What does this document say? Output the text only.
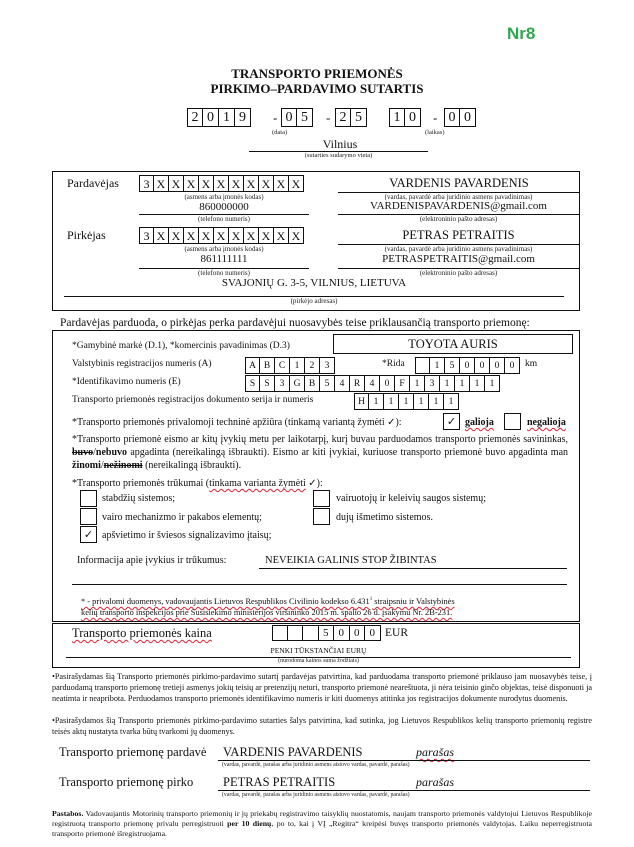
Nr8
TRANSPORTO PRIEMONĖS
PIRKIMO–PARDAVIMO SUTARTIS
2 0 1 9	- 0 5	- 2 5	1 0	- 0 0
(data)	(laikas)
Vilnius
(sutarties sudarymo vieta)
Pardavėjas	3 X X X X X X X X X X
(asmens arba įmonės kodas)
860000000
(telefono numeris)
VARDENIS PAVARDENIS
(vardas, pavardė arba juridinio asmens pavadinimas)
VARDENISPAVARDENIS@gmail.com
(elektroninio pašto adresas)
Pirkėjas	3 X X X X X X X X X X
(asmens arba įmonės kodas)
861111111
(telefono numeris)
PETRAS PETRAITIS
(vardas, pavardė arba juridinio asmens pavadinimas)
PETRASPETRAITIS@gmail.com
(elektroninio pašto adresas)
SVAJONIŲ G. 3-5, VILNIUS, LIETUVA
(pirkėjo adresas)
Pardavėjas parduoda, o pirkėjas perka pardavėjui nuosavybės teise priklausančią transporto priemonę:
*Gamybinė markė (D.1), *komercinis pavadinimas (D.3)	TOYOTA AURIS
Valstybinis registracijos numeris (A)	A B C 1	2	3	*Rida	1	5	0	0	0	0	km
*Identifikavimo numeris (E)	S S	3 G B 5	4 R 4	0	F	1	3	1	1	1	1
Transporto priemonės registracijos dokumento serija ir numeris	H 1	1	1	1	1	1
*Transporto priemonės privalomoji techninė apžiūra (tinkamą variantą žymėti ✓):	✓ galioja	negalioja
*Transporto priemonė eismo ar kitų įvykių metu per laikotarpį, kurį buvau parduodamos transporto priemonės savininkas, buvo/nebuvo apgadinta (nereikalingą išbraukti). Eismo ar kiti įvykiai, kuriuose transporto priemonė buvo apgadinta man žinomi/nežinomi (nereikalingą išbraukti).
*Transporto priemonės trūkumai (tinkama varianta žymėti ✓):
stabdžių sistemos;
vairo mechanizmo ir pakabos elementų;
✓ apšvietimo ir šviesos signalizavimo įtaisų;
vairuotojų ir keleivių saugos sistemų;
dujų išmetimo sistemos.
Informacija apie įvykius ir trūkumus:	NEVEIKIA GALINIS STOP ŽIBINTAS
* - privalomi duomenys, vadovaujantis Lietuvos Respublikos Civilinio kodekso 6.431$^1$ straipsniu ir Valstybinės
kelių transporto inspekcijos prie Susisiekimo ministerijos viršininko 2015 m. spalio 26 d. įsakymu Nr. 2B-231.
Transporto priemonės kaina	5 0 0 0 EUR
PENKI TŪKSTANČIAI EURŲ
(nurodoma kainos suma žodžiais)
•Pasirašydamas šią Transporto priemonės pirkimo-pardavimo sutartį pardavėjas patvirtina, kad parduodama transporto priemonė priklauso jam nuosavybės teise, į parduodamą transporto priemonę tretieji asmenys jokių teisių ar pretenzijų neturi, transporto priemonė neareštuota, ji nėra teisinio ginčo objektas, teisė disponuoti ja neatimta ir neapribota. Perduodamos transporto priemonės identifikavimo numeris ir kiti duomenys atitinka jos registracijos dokumente nurodytus duomenis.
•Pasirašydamos šią Transporto priemonės pirkimo-pardavimo sutarties šalys patvirtina, kad sutinka, jog Lietuvos Respublikos kelių transporto priemonių registre teisės aktų nustatyta tvarka būtų tvarkomi jų duomenys.
Transporto priemonę pardavė VARDENIS PAVARDENIS	parašas
(vardas, pavardė, parašas arba juridinio asmens atstovo vardas, pavardė, parašas)
Transporto priemonę pirko PETRAS PETRAITIS	parašas
(vardas, pavardė, parašas arba juridinio asmens atstovo vardas, pavardė, parašas)
Pastabos. Vadovaujantis Motorinių transporto priemonių ir jų priekabų registravimo taisyklių nuostatomis, naujam transporto priemonės valdytojui Lietuvos Respublikoje registruotą transporto priemonę privalu perregistruoti per 10 dienų, po to, kai į VĮ „Regitra“ kreipėsi buvęs transporto priemonės valdytojas. Laiku neperregistruota transporto priemonė išregistruojama.
